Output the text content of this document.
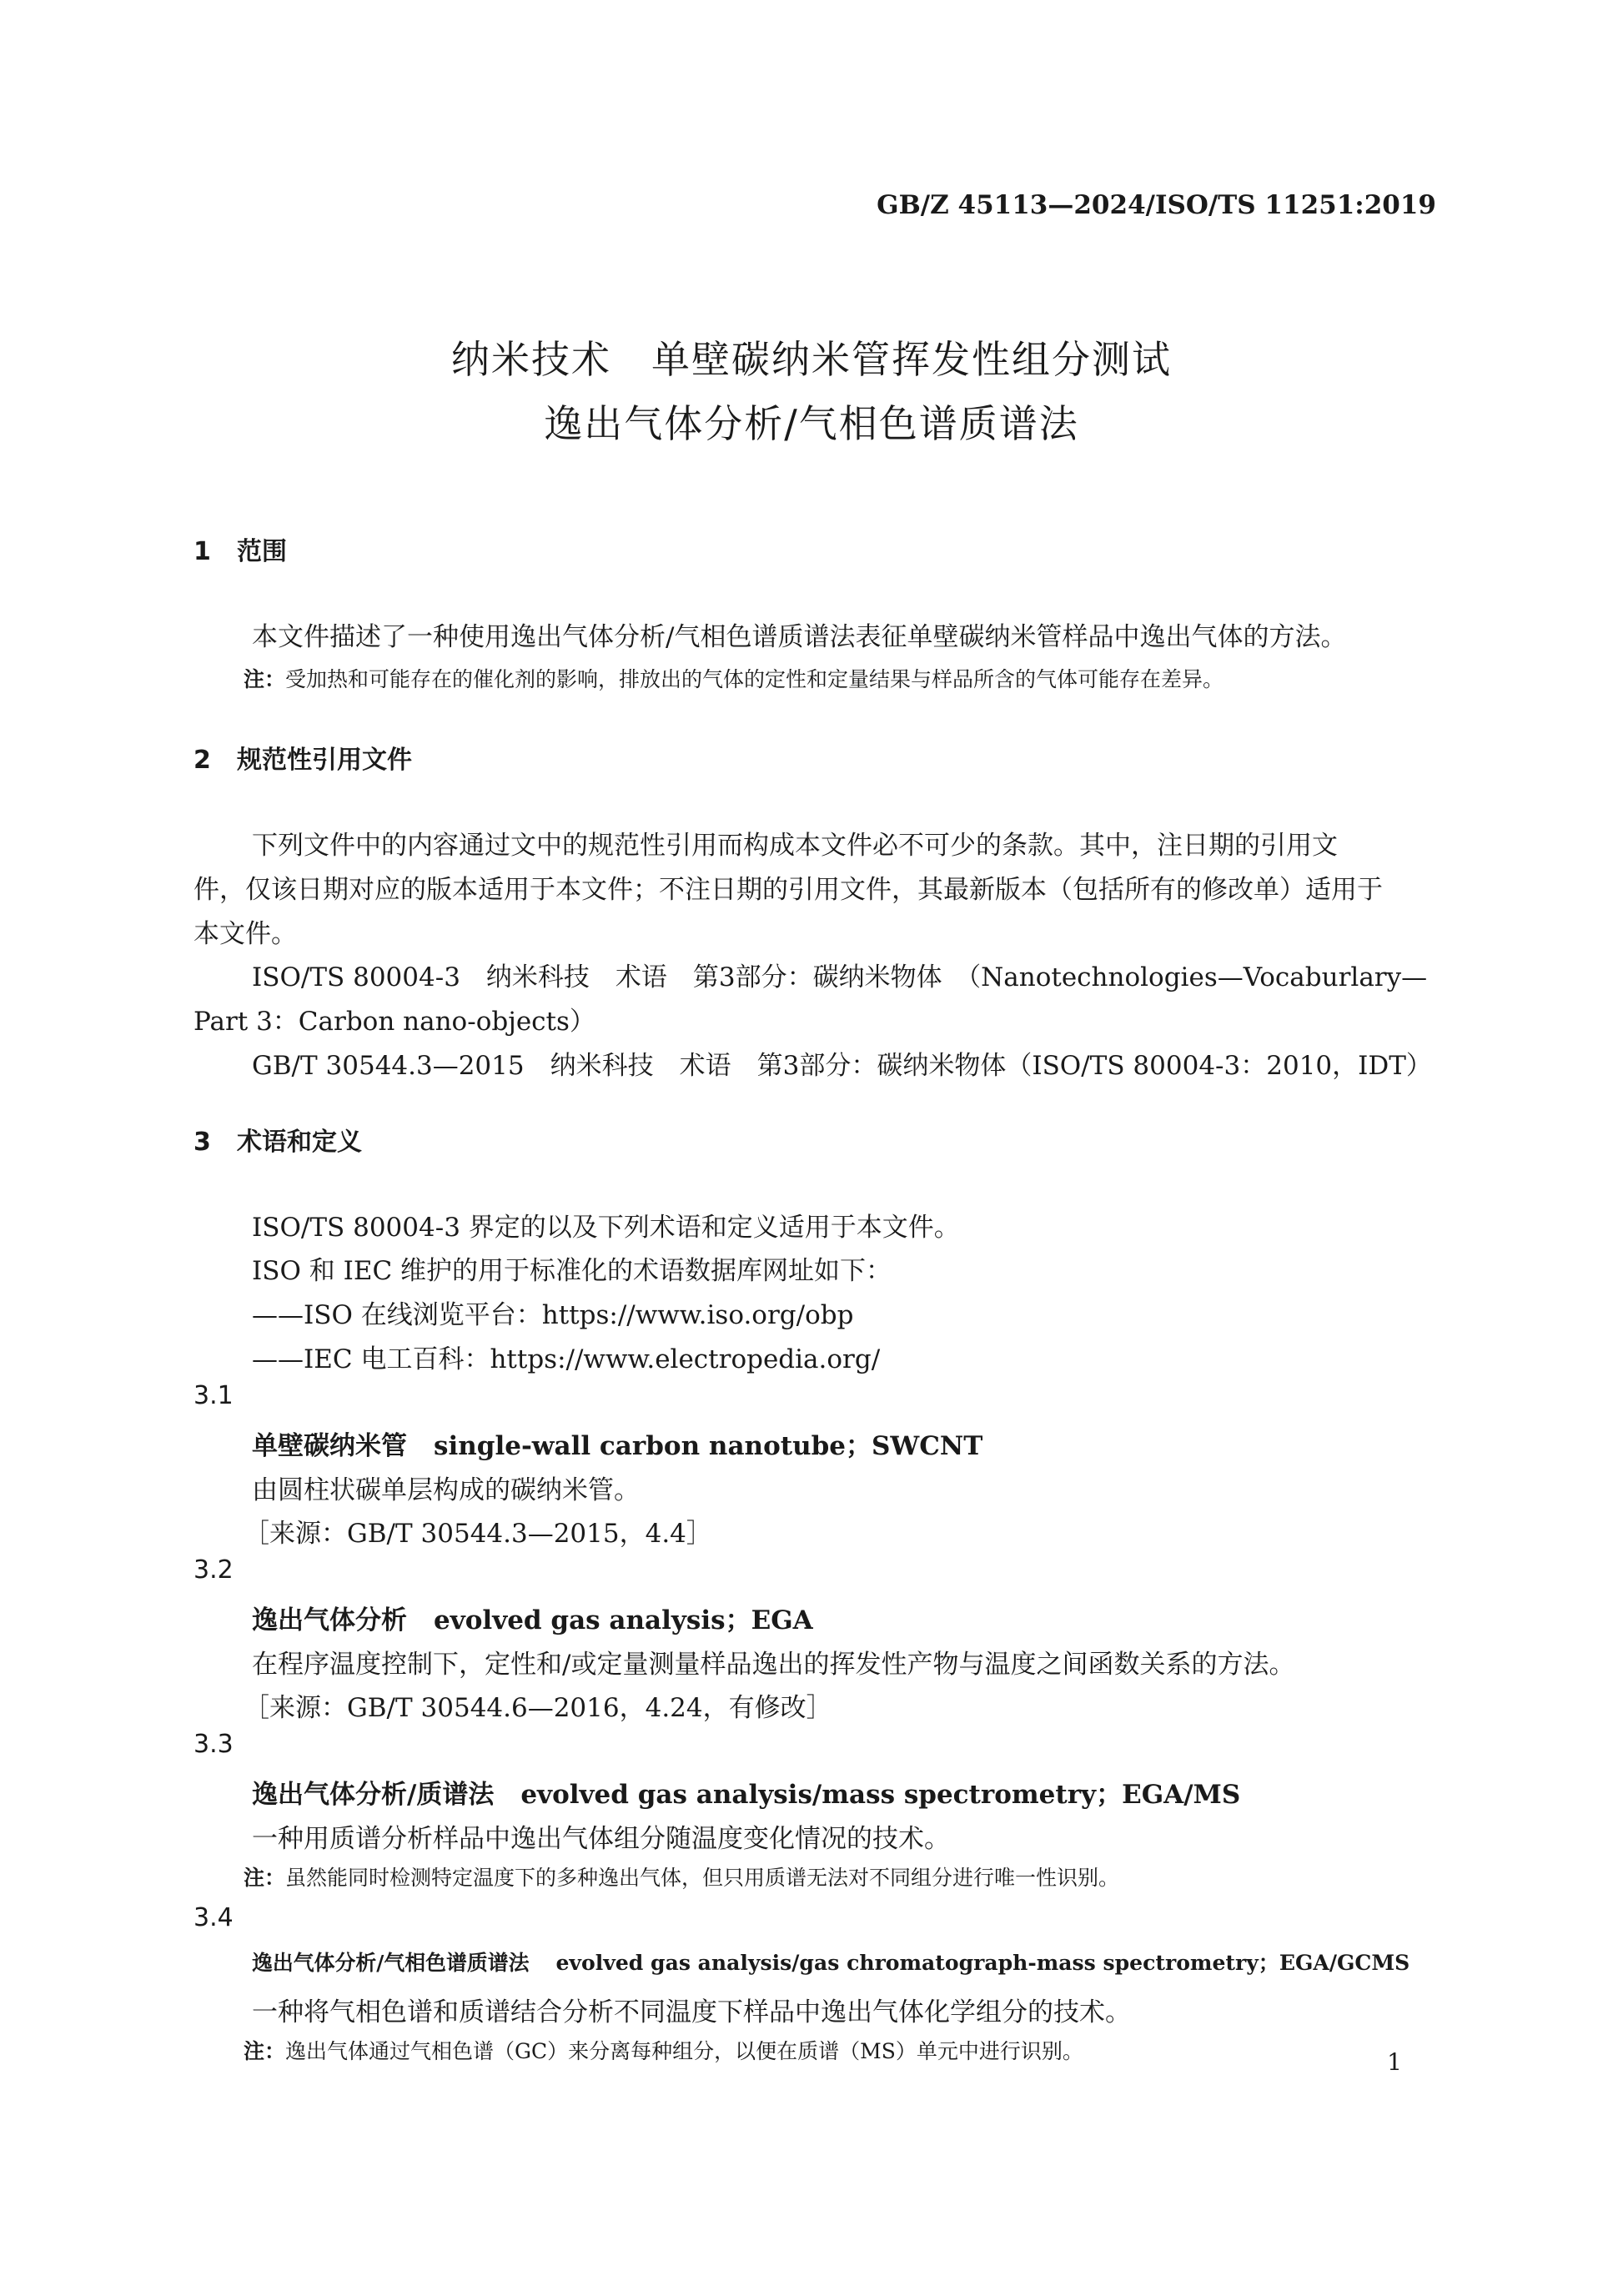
GB/Z 45113—2024/ISO/TS 11251:2019
纳米技术　单壁碳纳米管挥发性组分测试
逸出气体分析/气相色谱质谱法
1 范围
本文件描述了一种使用逸出气体分析/气相色谱质谱法表征单壁碳纳米管样品中逸出气体的方法。
注：受加热和可能存在的催化剂的影响，排放出的气体的定性和定量结果与样品所含的气体可能存在差异。
2 规范性引用文件
下列文件中的内容通过文中的规范性引用而构成本文件必不可少的条款。其中，注日期的引用文
件，仅该日期对应的版本适用于本文件；不注日期的引用文件，其最新版本（包括所有的修改单）适用于
本文件。
ISO/TS 80004-3　纳米科技　术语　第3部分：碳纳米物体　（Nanotechnologies—Vocaburlary—
Part 3：Carbon nano-objects）
GB/T 30544.3—2015　纳米科技　术语　第3部分：碳纳米物体（ISO/TS 80004-3：2010，IDT）
3 术语和定义
ISO/TS 80004-3 界定的以及下列术语和定义适用于本文件。
ISO 和 IEC 维护的用于标准化的术语数据库网址如下：
——ISO 在线浏览平台：https://www.iso.org/obp
——IEC 电工百科：https://www.electropedia.org/
3.1
单壁碳纳米管 single-wall carbon nanotube；SWCNT
由圆柱状碳单层构成的碳纳米管。
［来源：GB/T 30544.3—2015，4.4］
3.2
逸出气体分析 evolved gas analysis；EGA
在程序温度控制下，定性和/或定量测量样品逸出的挥发性产物与温度之间函数关系的方法。
［来源：GB/T 30544.6—2016，4.24，有修改］
3.3
逸出气体分析/质谱法 evolved gas analysis/mass spectrometry；EGA/MS
一种用质谱分析样品中逸出气体组分随温度变化情况的技术。
注：虽然能同时检测特定温度下的多种逸出气体，但只用质谱无法对不同组分进行唯一性识别。
3.4
逸出气体分析/气相色谱质谱法 evolved gas analysis/gas chromatograph-mass spectrometry；EGA/GCMS
一种将气相色谱和质谱结合分析不同温度下样品中逸出气体化学组分的技术。
注：逸出气体通过气相色谱（GC）来分离每种组分，以便在质谱（MS）单元中进行识别。	1
